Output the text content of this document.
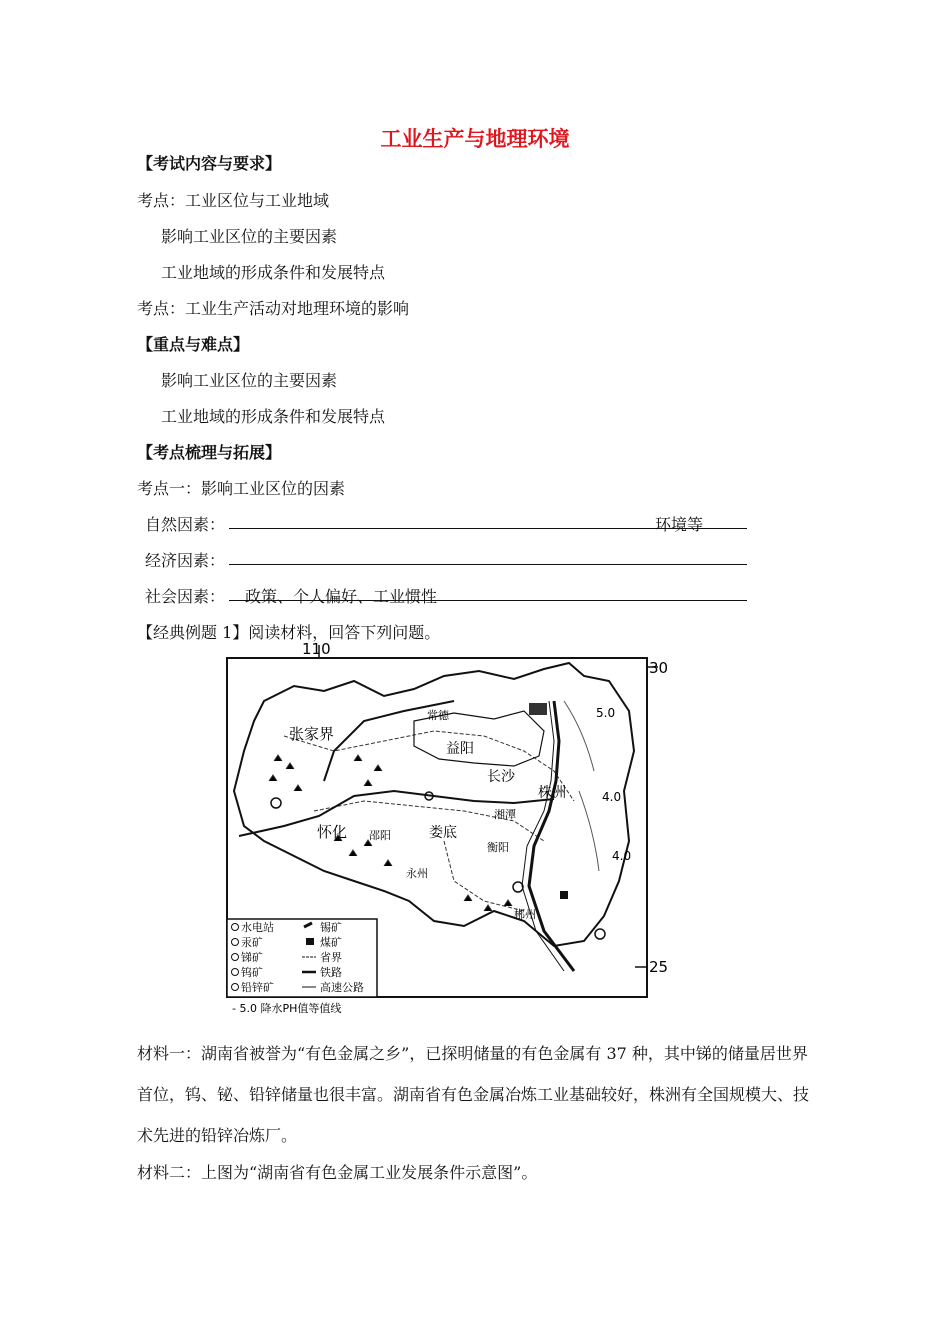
工业生产与地理环境
【考试内容与要求】
考点：工业区位与工业地域
影响工业区位的主要因素
工业地域的形成条件和发展特点
考点：工业生产活动对地理环境的影响
【重点与难点】
影响工业区位的主要因素
工业地域的形成条件和发展特点
【考点梳理与拓展】
考点一：影响工业区位的因素
自然因素：	环境等
经济因素：
社会因素： 政策、个人偏好、工业惯性
【经典例题 1】阅读材料，回答下列问题。
110
30
25
5.0
4.0
4.0
张家界
常德
益阳
长沙
株洲
怀化	娄底
邵阳
湘潭
衡阳
永州
郴州
水电站
汞矿
锑矿
钨矿
铅锌矿
锡矿
煤矿
省界
铁路
高速公路
- 5.0 降水PH值等值线
材料一：湖南省被誉为“有色金属之乡”，已探明储量的有色金属有 37 种，其中锑的储量居世界首位，钨、铋、铅锌储量也很丰富。湖南省有色金属冶炼工业基础较好，株洲有全国规模大、技术先进的铅锌冶炼厂。
材料二：上图为“湖南省有色金属工业发展条件示意图”。
